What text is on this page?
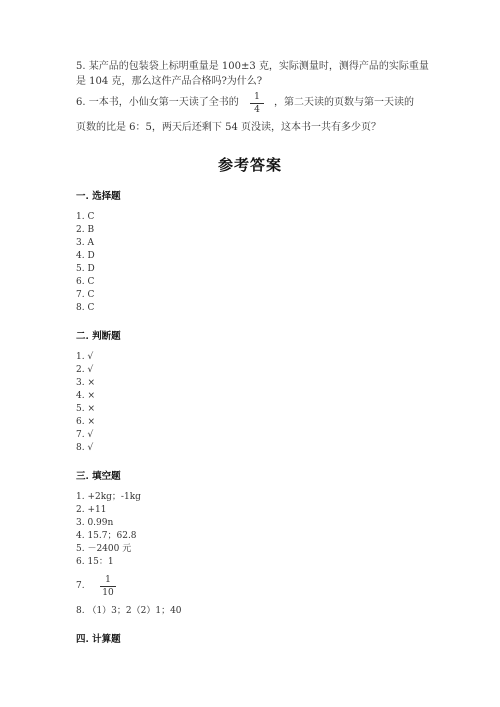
5. 某产品的包装袋上标明重量是 100±3 克，实际测量时，测得产品的实际重量
是 104 克，那么这件产品合格吗?为什么?
6. 一本书，小仙女第一天读了全书的	1
4
，第二天读的页数与第一天读的
页数的比是 6：5，两天后还剩下 54 页没读，这本书一共有多少页？
参考答案
一. 选择题
1. C
2. B
3. A
4. D
5. D
6. C
7. C
8. C
二. 判断题
1. √
2. √
3. ×
4. ×
5. ×
6. ×
7. √
8. √
三. 填空题
1. +2kg；-1kg
2. +11
3. 0.99n
4. 15.7；62.8
5. －2400 元
6. 15：1
7.
1
10
8. （1）3；2（2）1；40
四. 计算题
